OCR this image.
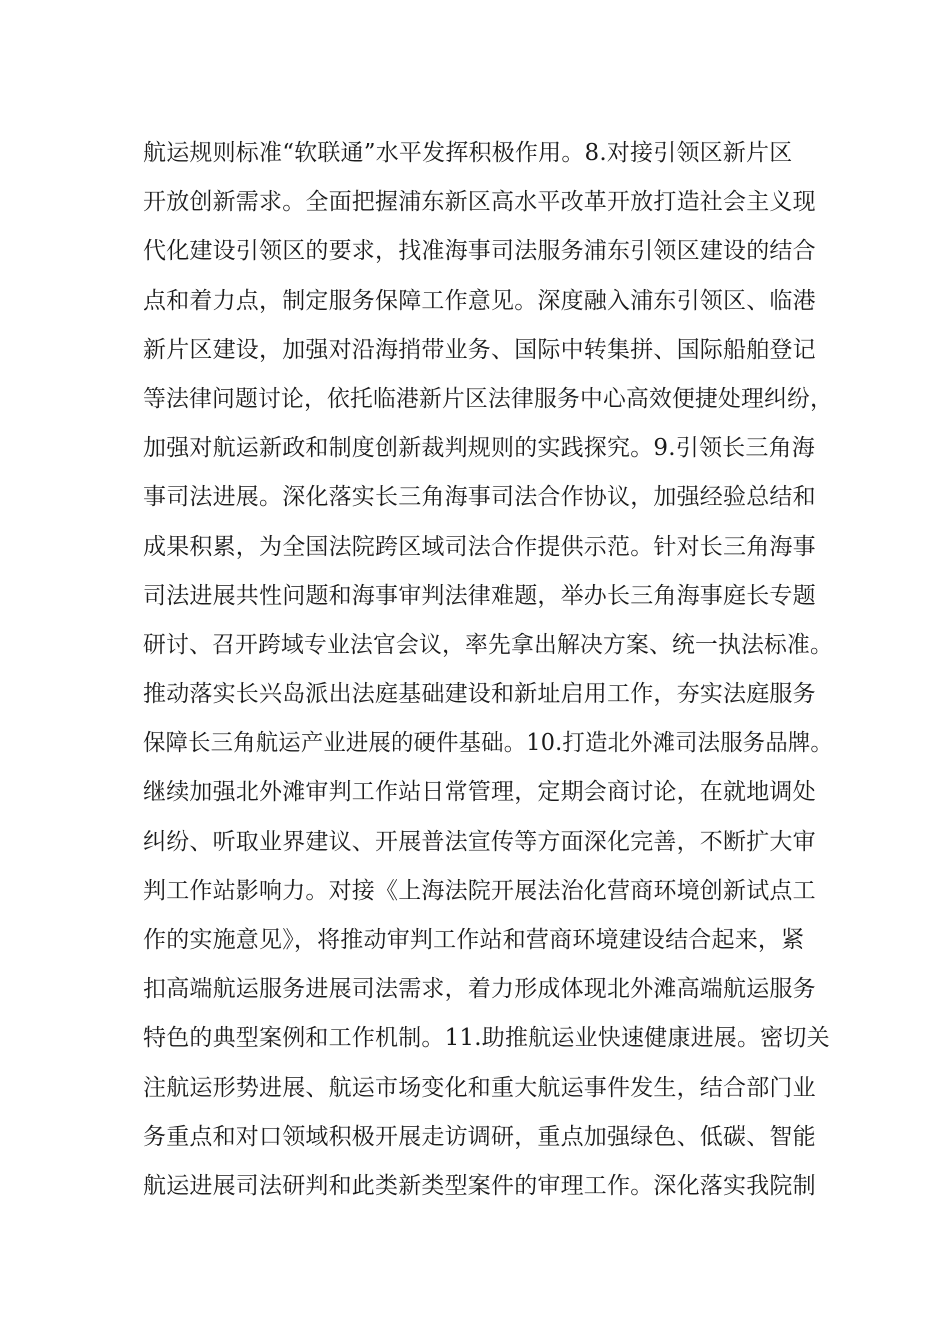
航运规则标准“软联通”水平发挥积极作用。8.对接引领区新片区
开放创新需求。全面把握浦东新区高水平改革开放打造社会主义现
代化建设引领区的要求，找准海事司法服务浦东引领区建设的结合
点和着力点，制定服务保障工作意见。深度融入浦东引领区、临港
新片区建设，加强对沿海捎带业务、国际中转集拼、国际船舶登记
等法律问题讨论，依托临港新片区法律服务中心高效便捷处理纠纷，
加强对航运新政和制度创新裁判规则的实践探究。9.引领长三角海
事司法进展。深化落实长三角海事司法合作协议，加强经验总结和
成果积累，为全国法院跨区域司法合作提供示范。针对长三角海事
司法进展共性问题和海事审判法律难题，举办长三角海事庭长专题
研讨、召开跨域专业法官会议，率先拿出解决方案、统一执法标准。
推动落实长兴岛派出法庭基础建设和新址启用工作，夯实法庭服务
保障长三角航运产业进展的硬件基础。10.打造北外滩司法服务品牌。
继续加强北外滩审判工作站日常管理，定期会商讨论，在就地调处
纠纷、听取业界建议、开展普法宣传等方面深化完善，不断扩大审
判工作站影响力。对接《上海法院开展法治化营商环境创新试点工
作的实施意见》，将推动审判工作站和营商环境建设结合起来，紧
扣高端航运服务进展司法需求，着力形成体现北外滩高端航运服务
特色的典型案例和工作机制。11.助推航运业快速健康进展。密切关
注航运形势进展、航运市场变化和重大航运事件发生，结合部门业
务重点和对口领域积极开展走访调研，重点加强绿色、低碳、智能
航运进展司法研判和此类新类型案件的审理工作。深化落实我院制
